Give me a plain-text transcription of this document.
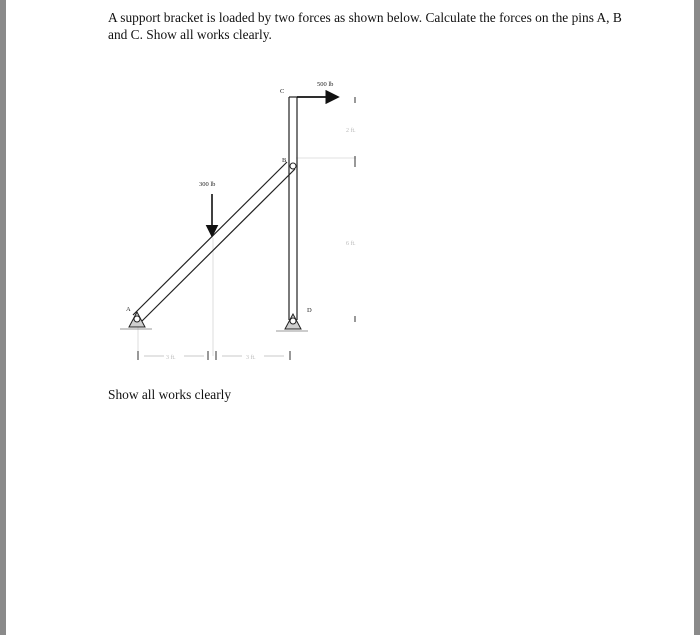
A support bracket is loaded by two forces as shown below. Calculate the forces on the pins A, B
and C. Show all works clearly.
500 lb
300 lb
C
B
A	D
2 ft.
6 ft.
3 ft.	3 ft.
Show all works clearly
